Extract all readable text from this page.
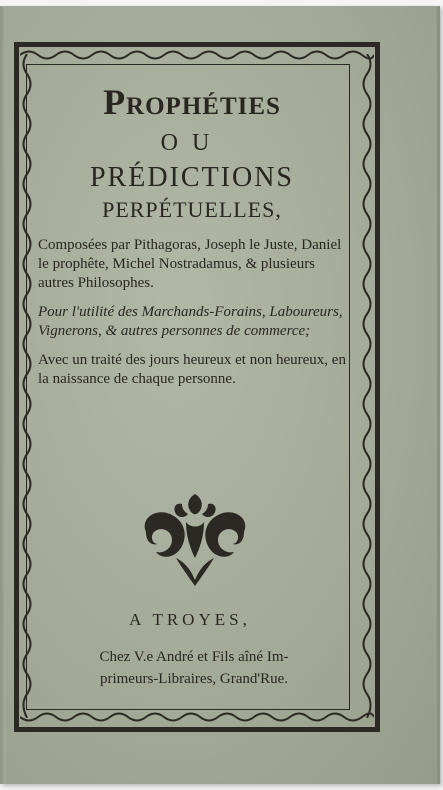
Prophéties
OU
PRÉDICTIONS
PERPÉTUELLES,
Composées par Pithagoras, Joseph le Juste, Daniel le prophête, Michel Nostradamus, & plusieurs autres Philosophes.
Pour l'utilité des Marchands-Forains, Laboureurs, Vignerons, & autres personnes de commerce;
Avec un traité des jours heureux et non heureux, en la naissance de chaque personne.
A TROYES,
Chez V.e André et Fils aîné Im-
primeurs-Libraires, Grand'Rue.
